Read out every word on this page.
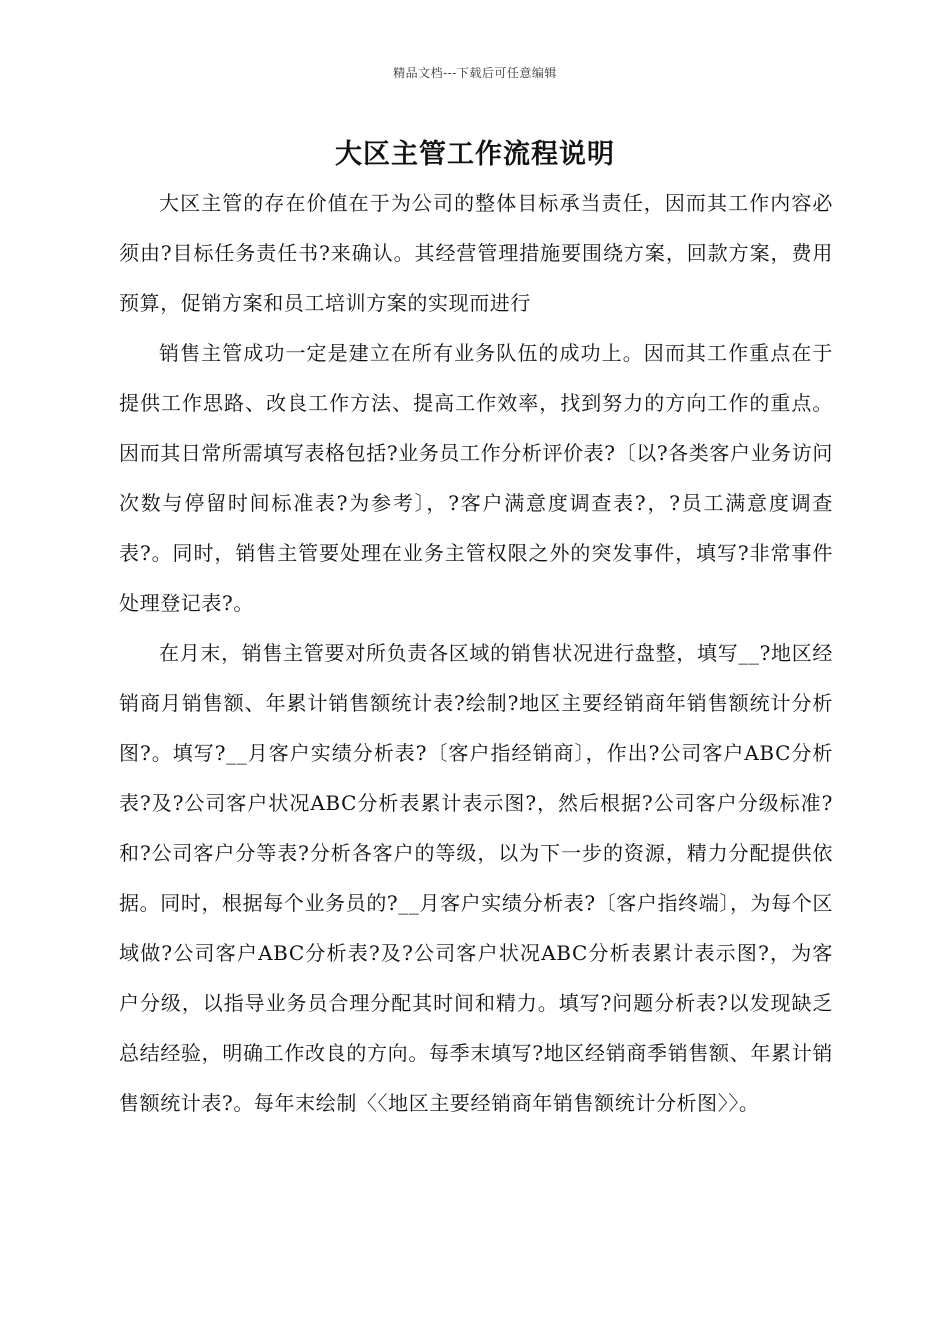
精品文档---下载后可任意编辑
大区主管工作流程说明

大区主管的存在价值在于为公司的整体目标承当责任，因而其工作内容必须由?目标任务责任书?来确认。其经营管理措施要围绕方案，回款方案，费用预算，促销方案和员工培训方案的实现而进行

销售主管成功一定是建立在所有业务队伍的成功上。因而其工作重点在于提供工作思路、改良工作方法、提高工作效率，找到努力的方向工作的重点。因而其日常所需填写表格包括?业务员工作分析评价表?〔以?各类客户业务访问次数与停留时间标准表?为参考〕，?客户满意度调查表?，?员工满意度调查表?。同时，销售主管要处理在业务主管权限之外的突发事件，填写?非常事件处理登记表?。

在月末，销售主管要对所负责各区域的销售状况进行盘整，填写__?地区经销商月销售额、年累计销售额统计表?绘制?地区主要经销商年销售额统计分析图?。填写?__月客户实绩分析表?〔客户指经销商〕，作出?公司客户ABC分析表?及?公司客户状况ABC分析表累计表示图?，然后根据?公司客户分级标准?和?公司客户分等表?分析各客户的等级，以为下一步的资源，精力分配提供依据。同时，根据每个业务员的?__月客户实绩分析表?〔客户指终端〕，为每个区域做?公司客户ABC分析表?及?公司客户状况ABC分析表累计表示图?，为客户分级，以指导业务员合理分配其时间和精力。填写?问题分析表?以发现缺乏总结经验，明确工作改良的方向。每季末填写?地区经销商季销售额、年累计销售额统计表?。每年末绘制〈〈地区主要经销商年销售额统计分析图〉〉。
